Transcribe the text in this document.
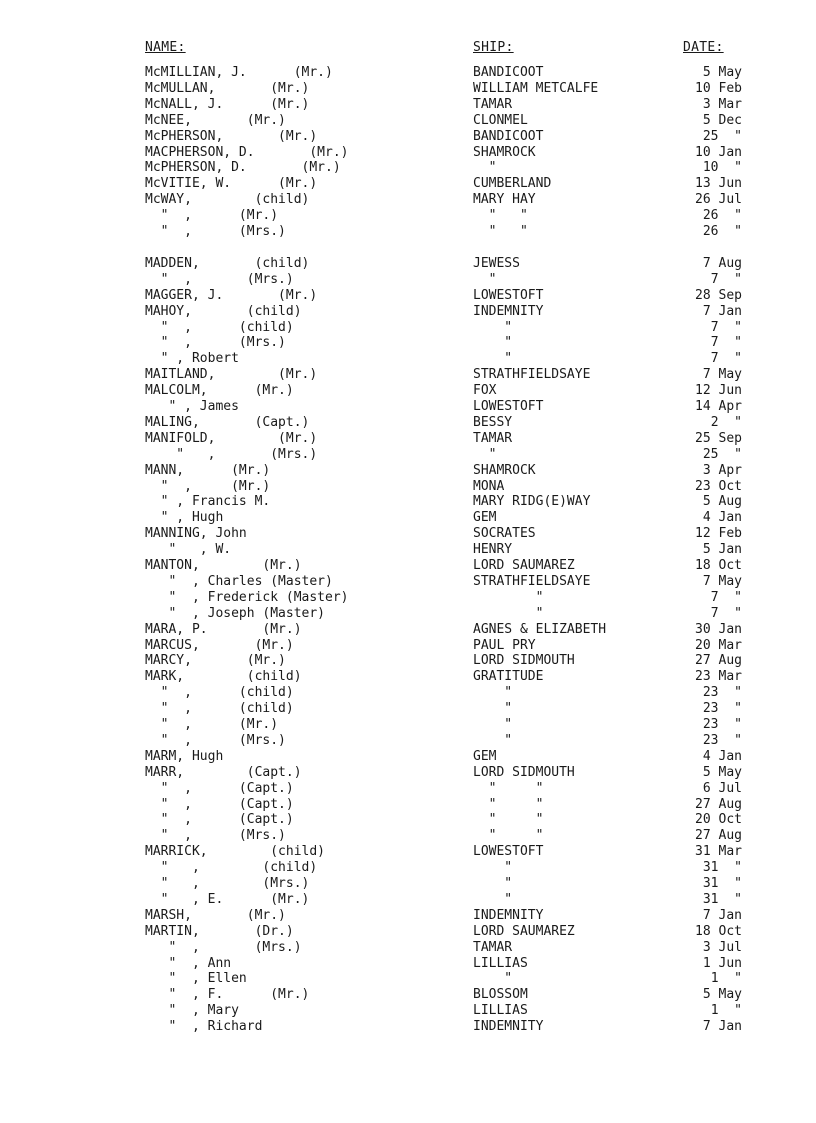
NAME:	SHIP:	DATE:
McMILLIAN, J.      (Mr.)	BANDICOOT	5 May
McMULLAN,       (Mr.)	WILLIAM METCALFE	10 Feb
McNALL, J.      (Mr.)	TAMAR	3 Mar
McNEE,       (Mr.)	CLONMEL	5 Dec
McPHERSON,       (Mr.)	BANDICOOT	25  "
MACPHERSON, D.       (Mr.)	SHAMROCK	10 Jan
McPHERSON, D.       (Mr.)	"	10  "
McVITIE, W.      (Mr.)	CUMBERLAND	13 Jun
McWAY,        (child)	MARY HAY	26 Jul
"  ,      (Mr.)	"   "	26  "
"  ,      (Mrs.)	"   "	26  "
MADDEN,       (child)	JEWESS	7 Aug
"  ,       (Mrs.)	"	7  "
MAGGER, J.       (Mr.)	LOWESTOFT	28 Sep
MAHOY,       (child)	INDEMNITY	7 Jan
"  ,      (child)	"	7  "
"  ,      (Mrs.)	"	7  "
" , Robert	"	7  "
MAITLAND,        (Mr.)	STRATHFIELDSAYE	7 May
MALCOLM,      (Mr.)	FOX	12 Jun
" , James	LOWESTOFT	14 Apr
MALING,       (Capt.)	BESSY	2  "
MANIFOLD,        (Mr.)	TAMAR	25 Sep
"   ,       (Mrs.)	"	25  "
MANN,      (Mr.)	SHAMROCK	3 Apr
"  ,     (Mr.)	MONA	23 Oct
" , Francis M.	MARY RIDG(E)WAY	5 Aug
" , Hugh	GEM	4 Jan
MANNING, John	SOCRATES	12 Feb
"   , W.	HENRY	5 Jan
MANTON,        (Mr.)	LORD SAUMAREZ	18 Oct
"  , Charles (Master)	STRATHFIELDSAYE	7 May
"  , Frederick (Master)	"	7  "
"  , Joseph (Master)	"	7  "
MARA, P.       (Mr.)	AGNES & ELIZABETH	30 Jan
MARCUS,       (Mr.)	PAUL PRY	20 Mar
MARCY,       (Mr.)	LORD SIDMOUTH	27 Aug
MARK,        (child)	GRATITUDE	23 Mar
"  ,      (child)	"	23  "
"  ,      (child)	"	23  "
"  ,      (Mr.)	"	23  "
"  ,      (Mrs.)	"	23  "
MARM, Hugh	GEM	4 Jan
MARR,        (Capt.)	LORD SIDMOUTH	5 May
"  ,      (Capt.)	"     "	6 Jul
"  ,      (Capt.)	"     "	27 Aug
"  ,      (Capt.)	"     "	20 Oct
"  ,      (Mrs.)	"     "	27 Aug
MARRICK,        (child)	LOWESTOFT	31 Mar
"   ,        (child)	"	31  "
"   ,        (Mrs.)	"	31  "
"   , E.      (Mr.)	"	31  "
MARSH,       (Mr.)	INDEMNITY	7 Jan
MARTIN,       (Dr.)	LORD SAUMAREZ	18 Oct
"  ,       (Mrs.)	TAMAR	3 Jul
"  , Ann	LILLIAS	1 Jun
"  , Ellen	"	1  "
"  , F.      (Mr.)	BLOSSOM	5 May
"  , Mary	LILLIAS	1  "
"  , Richard	INDEMNITY	7 Jan
